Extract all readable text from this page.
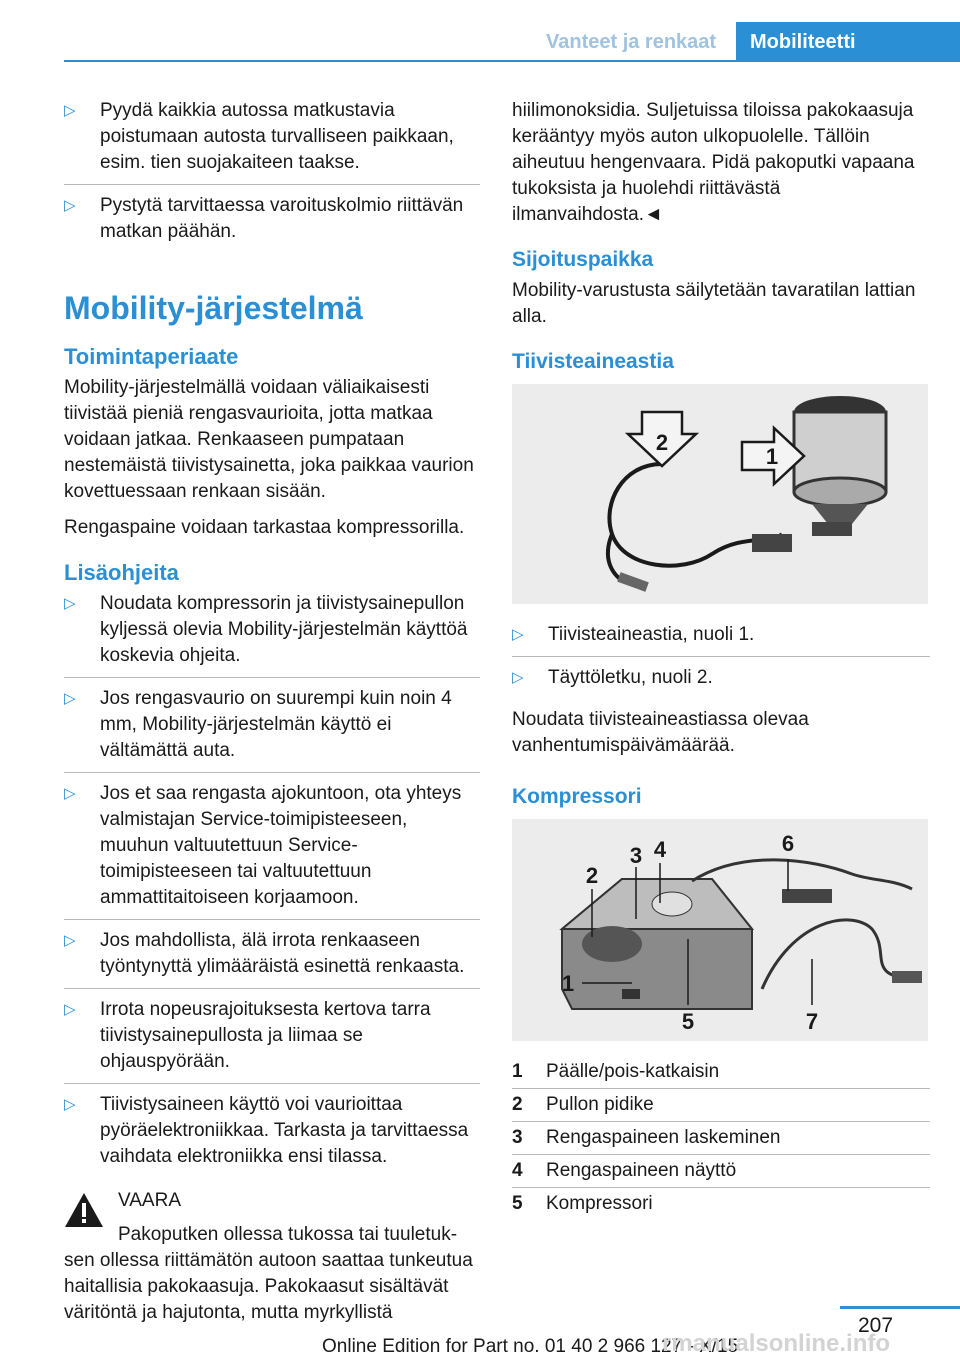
Vanteet ja renkaat	Mobiliteetti
▷ Pyydä kaikkia autossa matkustavia poistumaan autosta turvalliseen paikkaan, esim. tien suojakaiteen taakse.
▷ Pystytä tarvittaessa varoituskolmio riittävän matkan päähän.
Mobility-järjestelmä
Toimintaperiaate

Mobility-järjestelmällä voidaan väliaikaisesti tiivistää pieniä rengasvaurioita, jotta matkaa voidaan jatkaa. Renkaaseen pumpataan nestemäistä tiivistysainetta, joka paikkaa vaurion kovettuessaan renkaan sisään.

Rengaspaine voidaan tarkastaa kompressorilla.

Lisäohjeita
▷ Noudata kompressorin ja tiivistysainepullon kyljessä olevia Mobility-järjestelmän käyttöä koskevia ohjeita.
▷ Jos rengasvaurio on suurempi kuin noin 4 mm, Mobility-järjestelmän käyttö ei vältämättä auta.
▷ Jos et saa rengasta ajokuntoon, ota yhteys valmistajan Service-toimipisteeseen, muuhun valtuutettuun Service-toimipisteeseen tai valtuutettuun ammattitaitoiseen korjaamoon.
▷ Jos mahdollista, älä irrota renkaaseen työntynyttä ylimääräistä esinettä renkaasta.
▷ Irrota nopeusrajoituksesta kertova tarra tiivistysainepullosta ja liimaa se ohjauspyörään.
▷ Tiivistysaineen käyttö voi vaurioittaa pyöräelektroniikkaa. Tarkasta ja tarvittaessa vaihdata elektroniikka ensi tilassa.
VAARA
Pakoputken ollessa tukossa tai tuuletuk-
sen ollessa riittämätön autoon saattaa tunkeutua haitallisia pakokaasuja. Pakokaasut sisältävät väritöntä ja hajutonta, mutta myrkyllistä

hiilimonoksidia. Suljetuissa tiloissa pakokaasuja kerääntyy myös auton ulkopuolelle. Tällöin aiheutuu hengenvaara. Pidä pakoputki vapaana tukoksista ja huolehdi riittävästä ilmanvaihdosta.◄

Sijoituspaikka

Mobility-varustusta säilytetään tavaratilan lattian alla.

Tiivisteaineastia
2
1
▷ Tiivisteaineastia, nuoli 1.
▷ Täyttöletku, nuoli 2.

Noudata tiivisteaineastiassa olevaa vanhentumispäivämäärää.

Kompressori
2
3 4	6
1
5	7
1	Päälle/pois-katkaisin
2	Pullon pidike
3	Rengaspaineen laskeminen
4	Rengaspaineen näyttö
5	Kompressori
207
Online Edition for Part no. 01 40 2 966 127 - X/15
rmanualsonline.info
